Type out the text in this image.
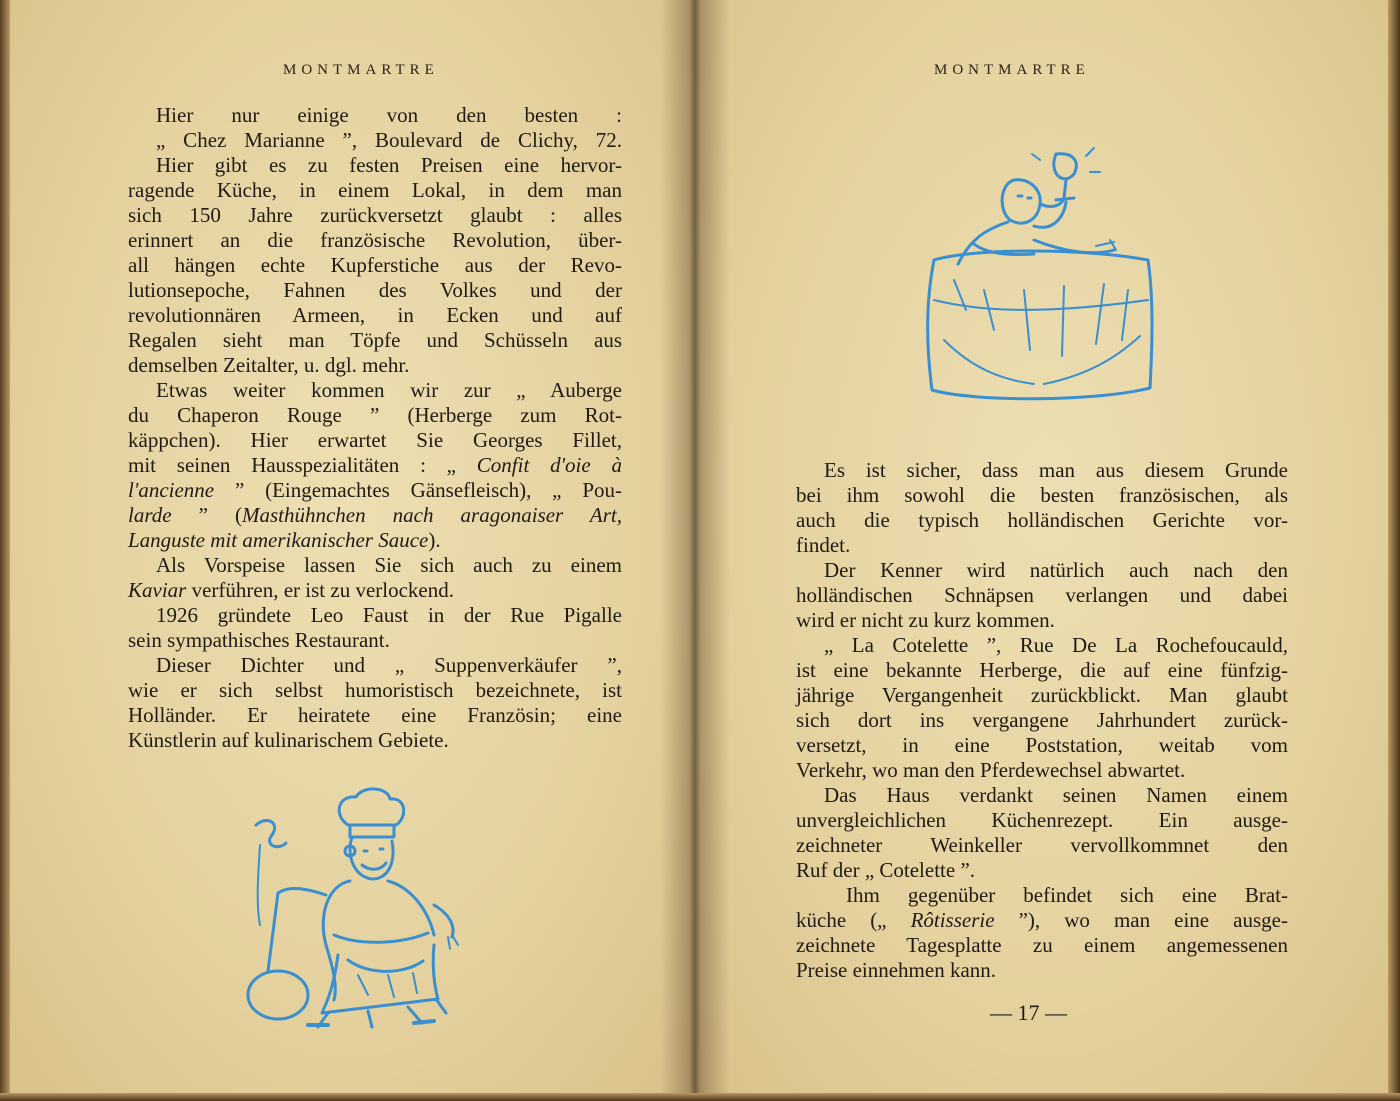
MONTMARTRE
Hier nur einige von den besten :
„ Chez Marianne ”, Boulevard de Clichy, 72.
Hier gibt es zu festen Preisen eine hervor-
ragende Küche, in einem Lokal, in dem man
sich 150 Jahre zurückversetzt glaubt : alles
erinnert an die französische Revolution, über-
all hängen echte Kupferstiche aus der Revo-
lutionsepoche, Fahnen des Volkes und der
revolutionnären Armeen, in Ecken und auf
Regalen sieht man Töpfe und Schüsseln aus
demselben Zeitalter, u. dgl. mehr.
Etwas weiter kommen wir zur „ Auberge
du Chaperon Rouge ” (Herberge zum Rot-
käppchen). Hier erwartet Sie Georges Fillet,
mit seinen Hausspezialitäten : „ Confit d'oie à
l'ancienne ” (Eingemachtes Gänsefleisch), „ Pou-
larde ” (Masthühnchen nach aragonaiser Art,
Languste mit amerikanischer Sauce).
Als Vorspeise lassen Sie sich auch zu einem
Kaviar verführen, er ist zu verlockend.
1926 gründete Leo Faust in der Rue Pigalle
sein sympathisches Restaurant.
Dieser Dichter und „ Suppenverkäufer ”,
wie er sich selbst humoristisch bezeichnete, ist
Holländer. Er heiratete eine Französin; eine
Künstlerin auf kulinarischem Gebiete.
MONTMARTRE
Es ist sicher, dass man aus diesem Grunde
bei ihm sowohl die besten französischen, als
auch die typisch holländischen Gerichte vor-
findet.
Der Kenner wird natürlich auch nach den
holländischen Schnäpsen verlangen und dabei
wird er nicht zu kurz kommen.
„ La Cotelette ”, Rue De La Rochefoucauld,
ist eine bekannte Herberge, die auf eine fünfzig-
jährige Vergangenheit zurückblickt. Man glaubt
sich dort ins vergangene Jahrhundert zurück-
versetzt, in eine Poststation, weitab vom
Verkehr, wo man den Pferdewechsel abwartet.
Das Haus verdankt seinen Namen einem
unvergleichlichen Küchenrezept. Ein ausge-
zeichneter Weinkeller vervollkommnet den
Ruf der „ Cotelette ”.
Ihm gegenüber befindet sich eine Brat-
küche („ Rôtisserie ”), wo man eine ausge-
zeichnete Tagesplatte zu einem angemessenen
Preise einnehmen kann.
— 17 —
